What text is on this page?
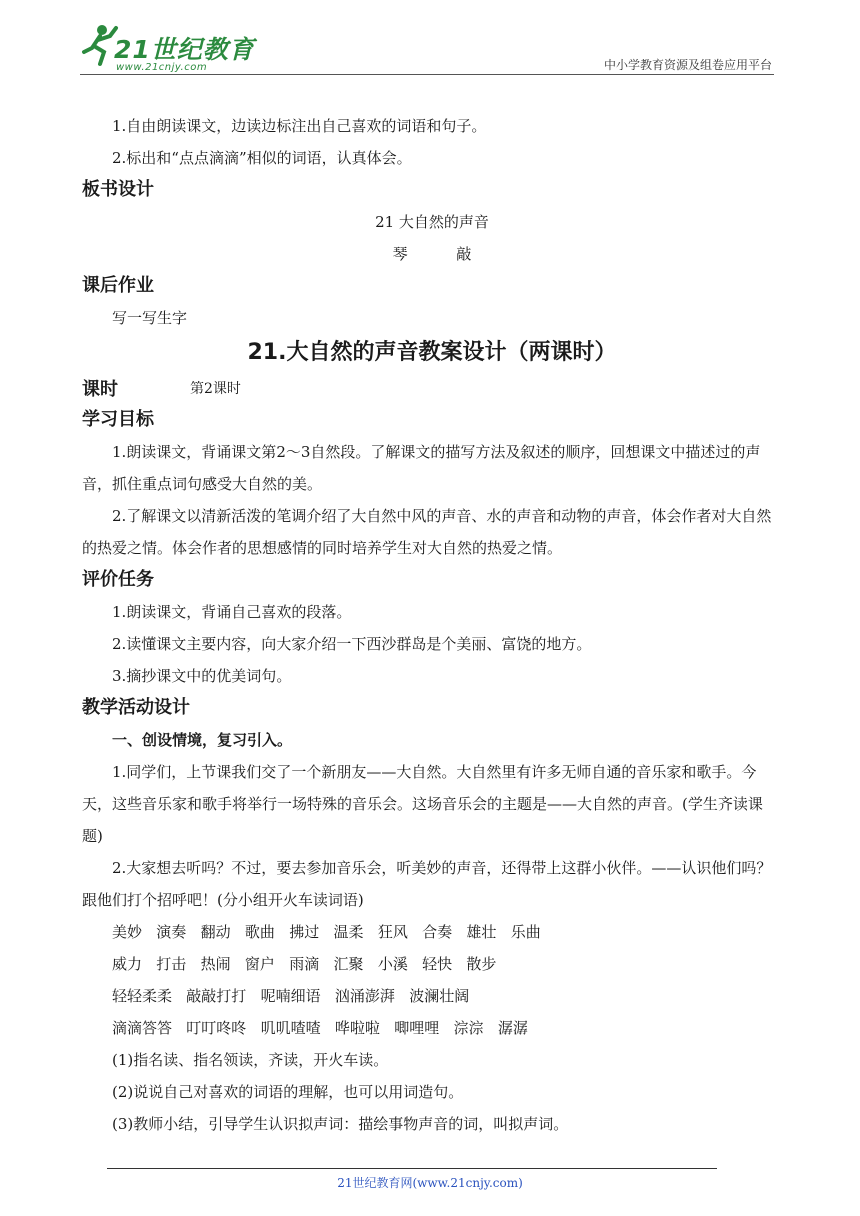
21世纪教育
www.21cnjy.com	中小学教育资源及组卷应用平台

1.自由朗读课文，边读边标注出自己喜欢的词语和句子。

2.标出和“点点滴滴”相似的词语，认真体会。

板书设计

21 大自然的声音

琴	敲

课后作业

写一写生字

21.大自然的声音教案设计（两课时）

课时	第2课时

学习目标

1.朗读课文，背诵课文第2～3自然段。了解课文的描写方法及叙述的顺序，回想课文中描述过的声音，抓住重点词句感受大自然的美。

2.了解课文以清新活泼的笔调介绍了大自然中风的声音、水的声音和动物的声音，体会作者对大自然的热爱之情。体会作者的思想感情的同时培养学生对大自然的热爱之情。

评价任务

1.朗读课文，背诵自己喜欢的段落。

2.读懂课文主要内容，向大家介绍一下西沙群岛是个美丽、富饶的地方。

3.摘抄课文中的优美词句。

教学活动设计

一、创设情境，复习引入。

1.同学们，上节课我们交了一个新朋友——大自然。大自然里有许多无师自通的音乐家和歌手。今天，这些音乐家和歌手将举行一场特殊的音乐会。这场音乐会的主题是——大自然的声音。(学生齐读课题)

2.大家想去听吗？不过，要去参加音乐会，听美妙的声音，还得带上这群小伙伴。——认识他们吗？跟他们打个招呼吧！(分小组开火车读词语)

美妙   演奏   翻动   歌曲   拂过   温柔   狂风   合奏   雄壮   乐曲

威力   打击   热闹   窗户   雨滴   汇聚   小溪   轻快   散步

轻轻柔柔   敲敲打打   呢喃细语   汹涌澎湃   波澜壮阔

滴滴答答   叮叮咚咚   叽叽喳喳   哗啦啦   唧哩哩   淙淙   潺潺

(1)指名读、指名领读，齐读，开火车读。

(2)说说自己对喜欢的词语的理解，也可以用词造句。

(3)教师小结，引导学生认识拟声词：描绘事物声音的词，叫拟声词。

21世纪教育网(www.21cnjy.com)
